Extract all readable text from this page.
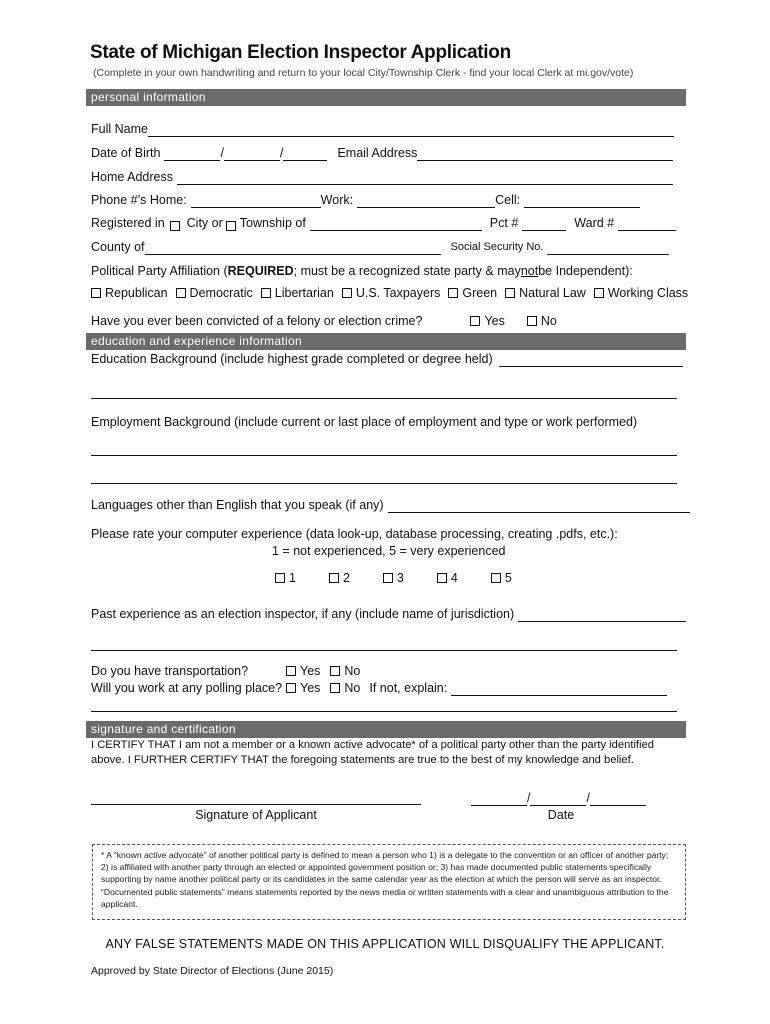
State of Michigan Election Inspector Application
(Complete in your own handwriting and return to your local City/Township Clerk - find your local Clerk at mi.gov/vote)
personal information
Full Name
Date of Birth	/	/	Email Address
Home Address
Phone #’s Home:	Work:	Cell:
Registered in City or Township of	Pct #	Ward #
County of	Social Security No.
Political Party Affiliation ( REQUIRED ; must be a recognized state party & may not be Independent):
Republican	Democratic	Libertarian	U.S. Taxpayers	Green	Natural Law	Working Class
Have you ever been convicted of a felony or election crime?	Yes	No
education and experience information
Education Background (include highest grade completed or degree held)
Employment Background (include current or last place of employment and type or work performed)
Languages other than English that you speak (if any)
Please rate your computer experience (data look-up, database processing, creating .pdfs, etc.):
1 = not experienced, 5 = very experienced
1	2	3	4	5
Past experience as an election inspector, if any (include name of jurisdiction)
Do you have transportation?	Yes	No
Will you work at any polling place?	Yes	No If not, explain:
signature and certification
I CERTIFY THAT I am not a member or a known active advocate* of a political party other than the party identified above. I FURTHER CERTIFY THAT the foregoing statements are true to the best of my knowledge and belief.
/	/
Signature of Applicant	Date
* A “known active advocate” of another political party is defined to mean a person who 1) is a delegate to the convention or an officer of another party; 2) is affiliated with another party through an elected or appointed government position or; 3) has made documented public statements specifically supporting by name another political party or its candidates in the same calendar year as the election at which the person will serve as an inspector. “Documented public statements” means statements reported by the news media or written statements with a clear and unambiguous attribution to the applicant.
ANY FALSE STATEMENTS MADE ON THIS APPLICATION WILL DISQUALIFY THE APPLICANT.
Approved by State Director of Elections (June 2015)
